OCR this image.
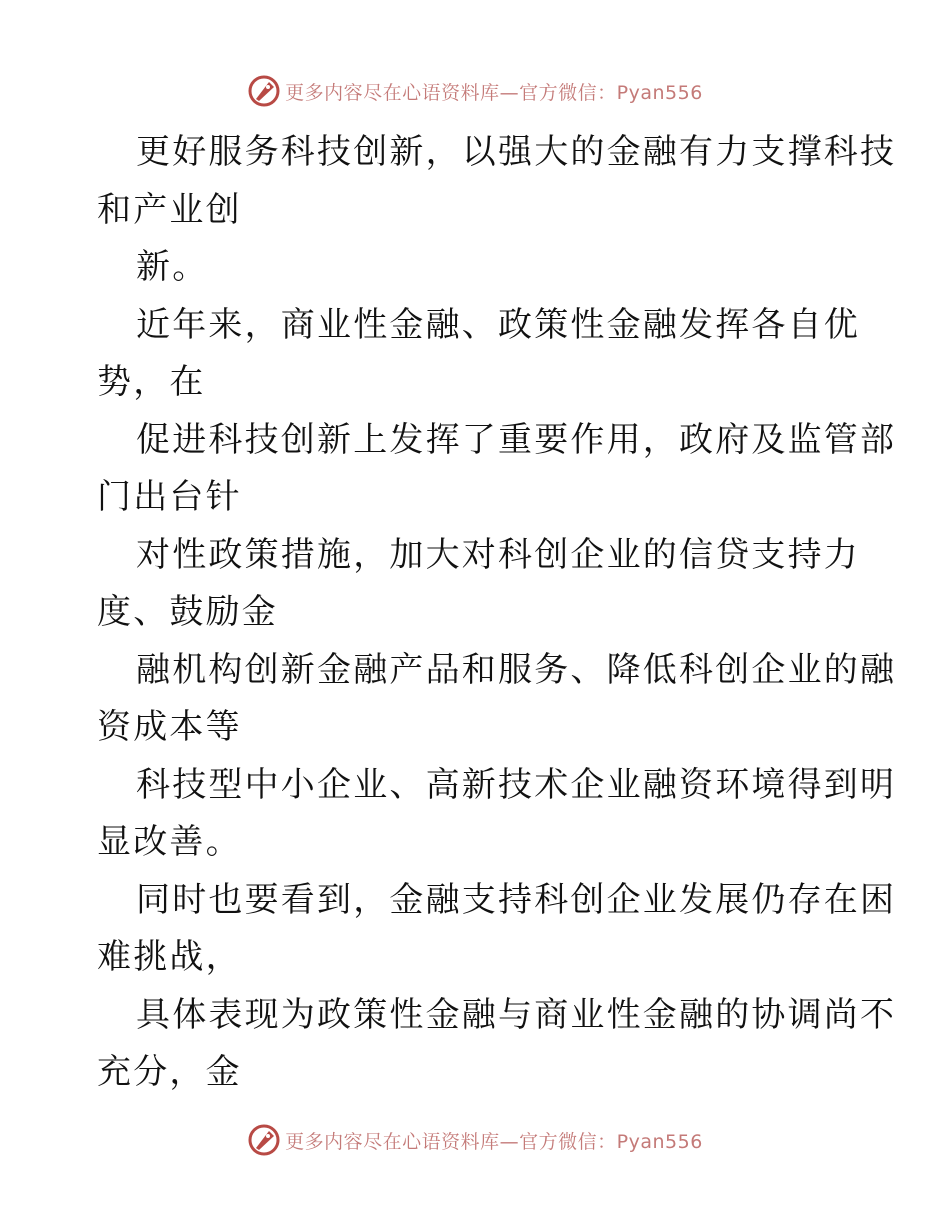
更多内容尽在心语资料库—官方微信：Pyan556
更好服务科技创新，以强大的金融有力支撑科技
和产业创
新。
近年来，商业性金融、政策性金融发挥各自优
势，在
促进科技创新上发挥了重要作用，政府及监管部
门出台针
对性政策措施，加大对科创企业的信贷支持力
度、鼓励金
融机构创新金融产品和服务、降低科创企业的融
资成本等
科技型中小企业、高新技术企业融资环境得到明
显改善。
同时也要看到，金融支持科创企业发展仍存在困
难挑战，
具体表现为政策性金融与商业性金融的协调尚不
充分，金
更多内容尽在心语资料库—官方微信：Pyan556
